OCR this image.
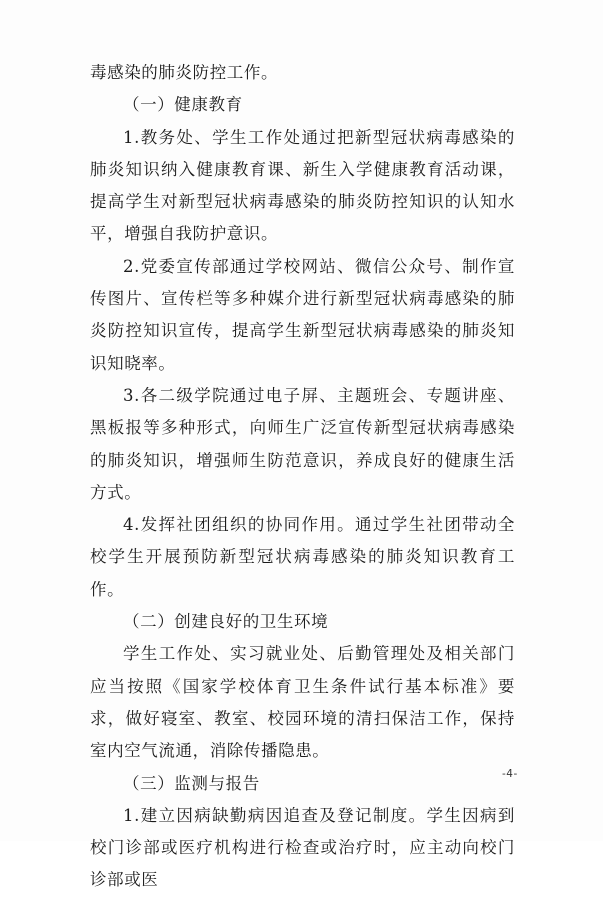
毒感染的肺炎防控工作。

（一）健康教育

1.教务处、学生工作处通过把新型冠状病毒感染的肺炎知识纳入健康教育课、新生入学健康教育活动课，提高学生对新型冠状病毒感染的肺炎防控知识的认知水平，增强自我防护意识。

2.党委宣传部通过学校网站、微信公众号、制作宣传图片、宣传栏等多种媒介进行新型冠状病毒感染的肺炎防控知识宣传，提高学生新型冠状病毒感染的肺炎知识知晓率。

3.各二级学院通过电子屏、主题班会、专题讲座、黑板报等多种形式，向师生广泛宣传新型冠状病毒感染的肺炎知识，增强师生防范意识，养成良好的健康生活方式。

4.发挥社团组织的协同作用。通过学生社团带动全校学生开展预防新型冠状病毒感染的肺炎知识教育工作。

（二）创建良好的卫生环境

学生工作处、实习就业处、后勤管理处及相关部门应当按照《国家学校体育卫生条件试行基本标准》要求，做好寝室、教室、校园环境的清扫保洁工作，保持室内空气流通，消除传播隐患。

（三）监测与报告

1.建立因病缺勤病因追查及登记制度。学生因病到校门诊部或医疗机构进行检查或治疗时，应主动向校门诊部或医

-4-
